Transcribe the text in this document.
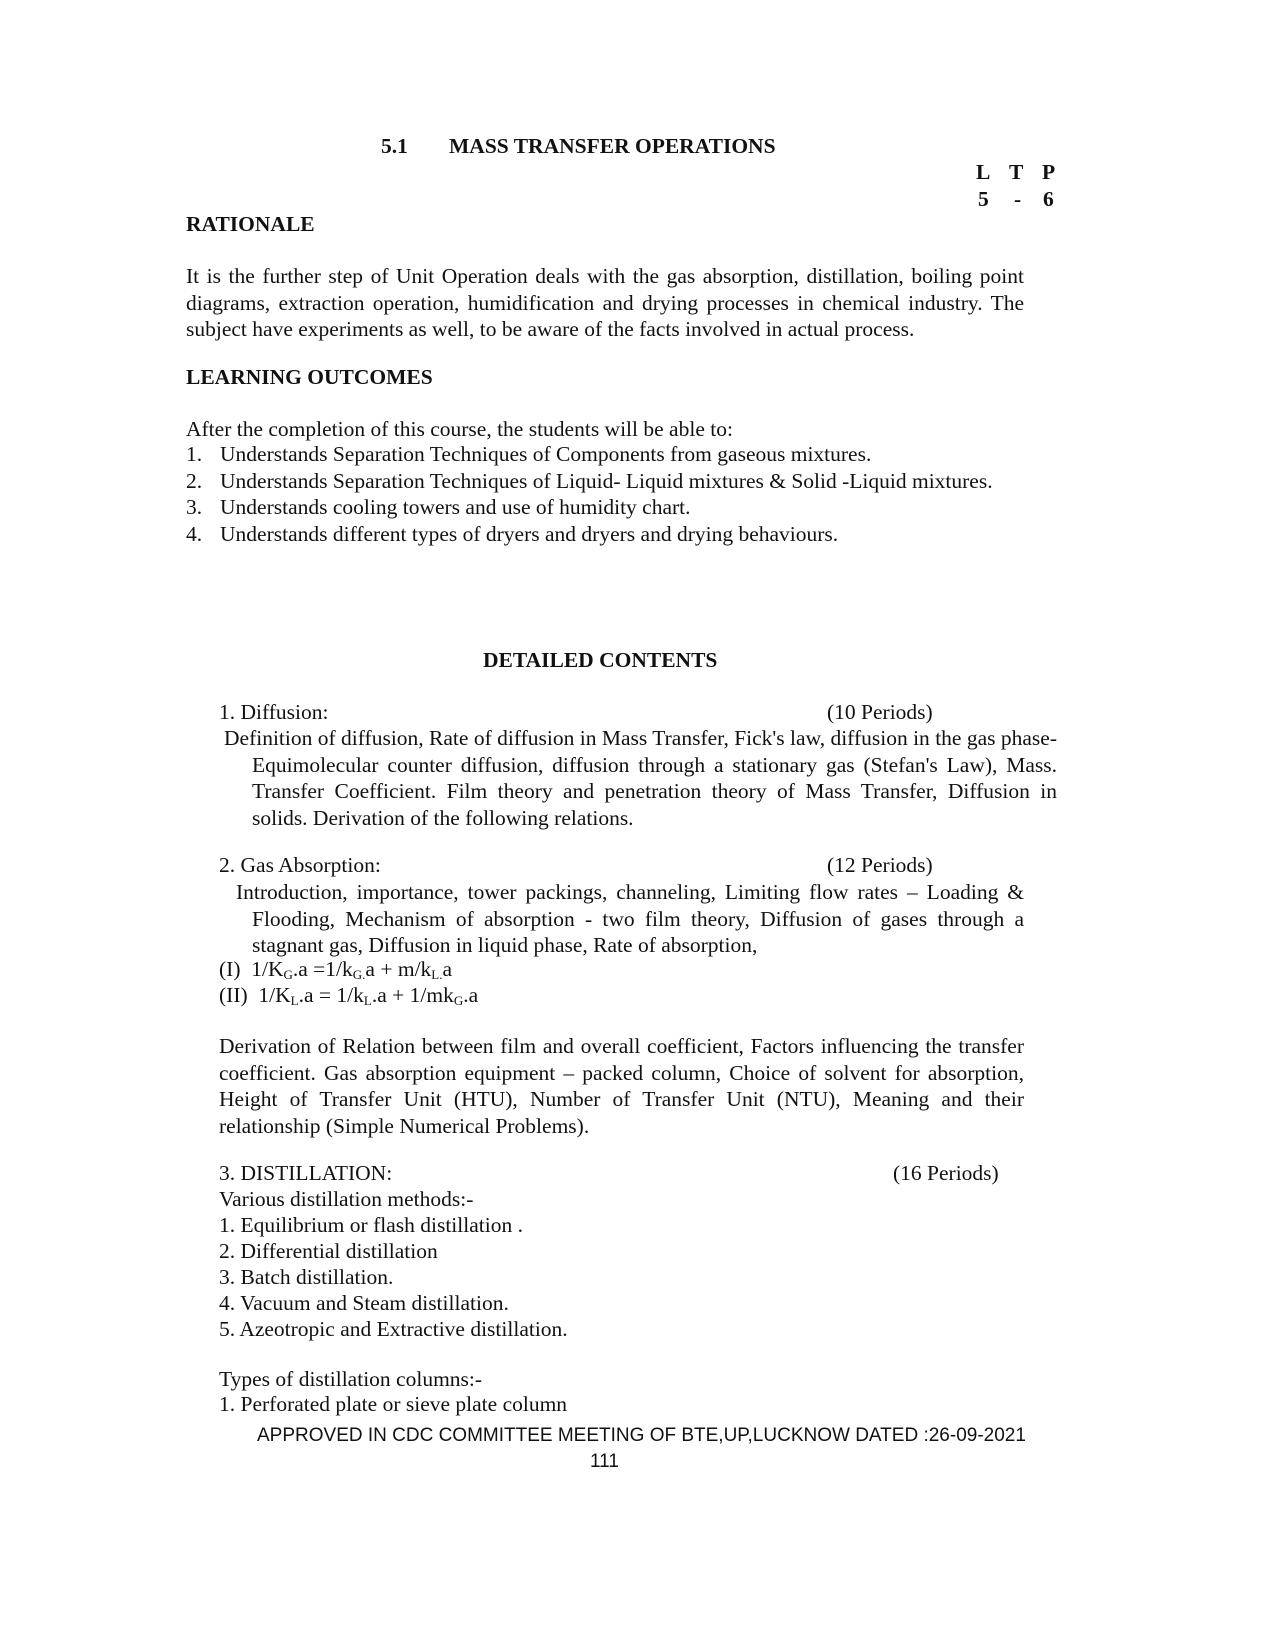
5.1 MASS TRANSFER OPERATIONS
L T P
5 - 6
RATIONALE
It is the further step of Unit Operation deals with the gas absorption, distillation, boiling point diagrams, extraction operation, humidification and drying processes in chemical industry. The subject have experiments as well, to be aware of the facts involved in actual process.
LEARNING OUTCOMES
After the completion of this course, the students will be able to:
1. Understands Separation Techniques of Components from gaseous mixtures.
2. Understands Separation Techniques of Liquid- Liquid mixtures & Solid -Liquid mixtures.
3. Understands cooling towers and use of humidity chart.
4. Understands different types of dryers and dryers and drying behaviours.
DETAILED CONTENTS
1. Diffusion:	(10 Periods)
Definition of diffusion, Rate of diffusion in Mass Transfer, Fick's law, diffusion in the gas phase-Equimolecular counter diffusion, diffusion through a stationary gas (Stefan's Law), Mass. Transfer Coefficient. Film theory and penetration theory of Mass Transfer, Diffusion in solids. Derivation of the following relations.
2. Gas Absorption:	(12 Periods)
Introduction, importance, tower packings, channeling, Limiting flow rates – Loading & Flooding, Mechanism of absorption - two film theory, Diffusion of gases through a stagnant gas, Diffusion in liquid phase, Rate of absorption,
(I) $1/K_G.a =1/k_{G.}a + m/k_{L.}a$
(II) $1/K_L.a = 1/k_L.a + 1/mk_G.a$
Derivation of Relation between film and overall coefficient, Factors influencing the transfer coefficient. Gas absorption equipment – packed column, Choice of solvent for absorption, Height of Transfer Unit (HTU), Number of Transfer Unit (NTU), Meaning and their relationship (Simple Numerical Problems).
3. DISTILLATION:	(16 Periods)
Various distillation methods:-
1. Equilibrium or flash distillation .
2. Differential distillation
3. Batch distillation.
4. Vacuum and Steam distillation.
5. Azeotropic and Extractive distillation.
Types of distillation columns:-
1. Perforated plate or sieve plate column
APPROVED IN CDC COMMITTEE MEETING OF BTE,UP,LUCKNOW DATED :26-09-2021
111
